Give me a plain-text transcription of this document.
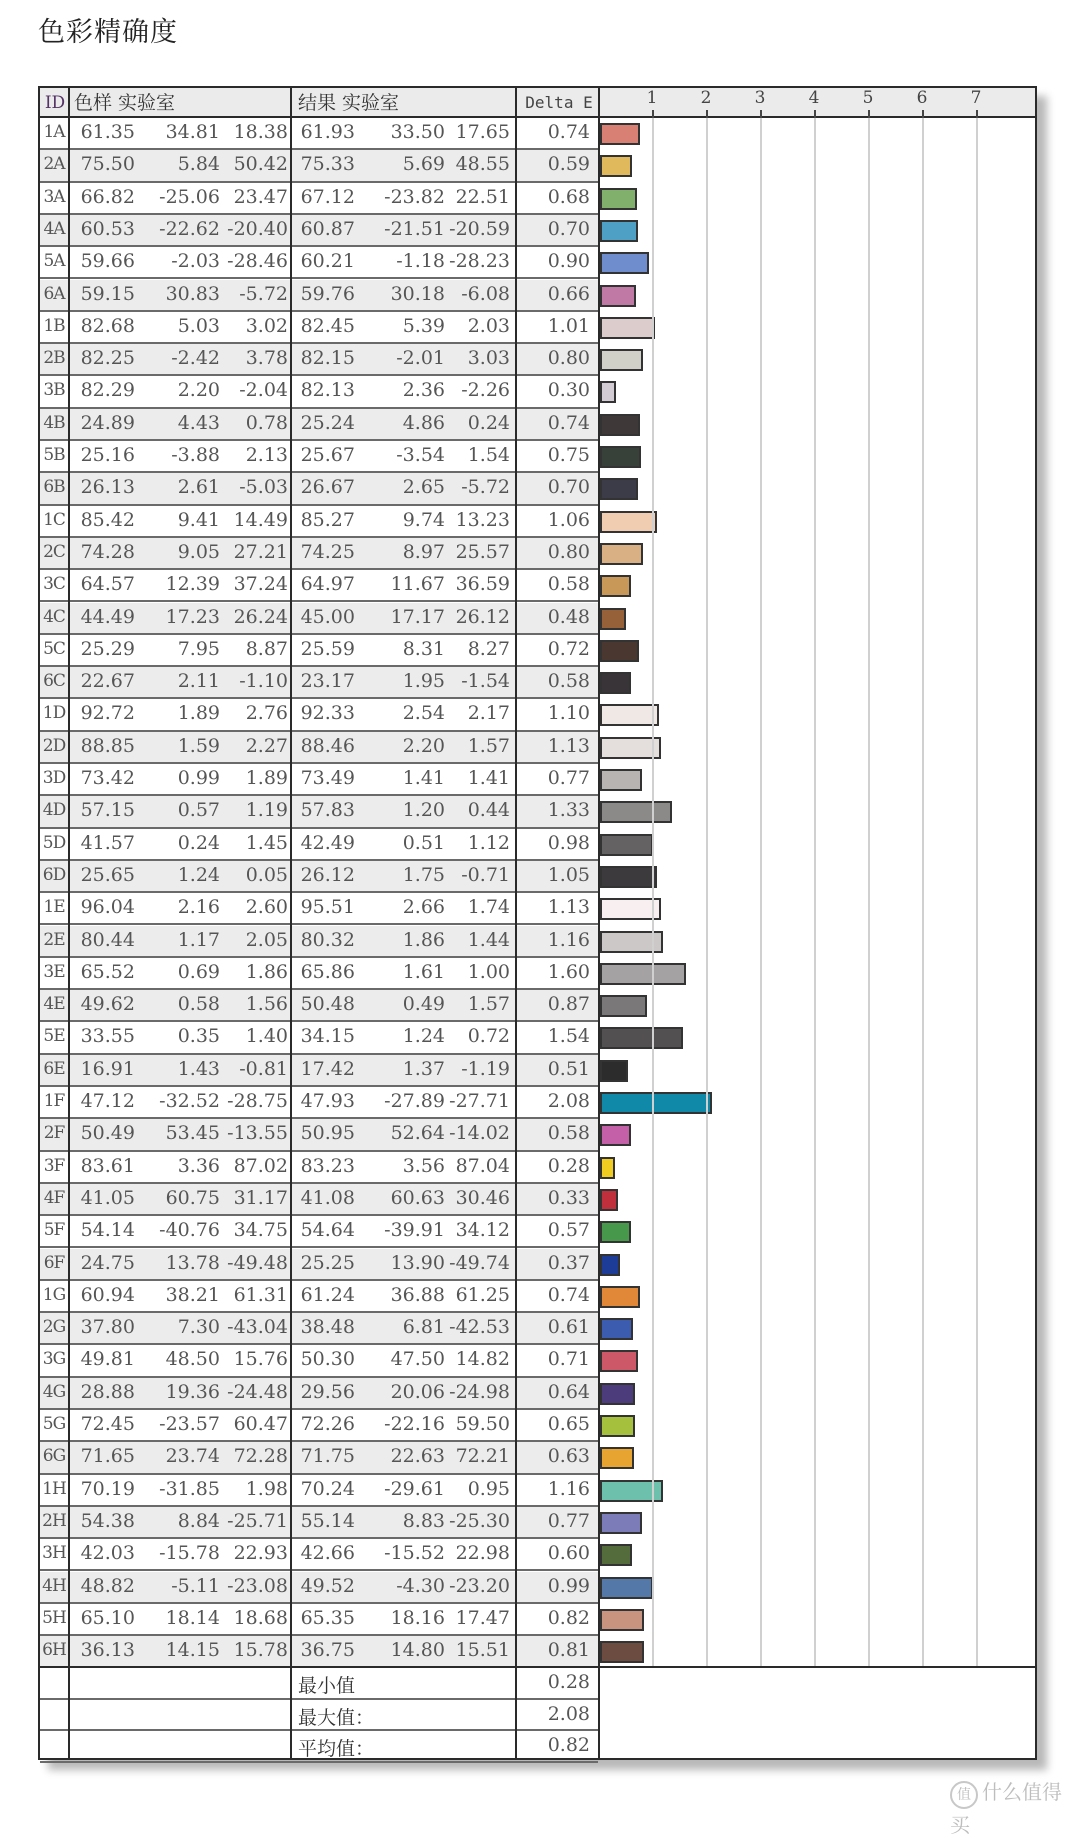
色彩精确度
ID 色样 实验室	结果 实验室	Delta E	1	2	3	4	5	6	7
1A 61.35 34.81 18.38 61.93 33.50 17.65 0.74
2A 75.50 5.84 50.42 75.33	5.69 48.55 0.59
3A 66.82 -25.06 23.47 67.12 -23.82 22.51 0.68
4A 60.53 -22.62 -20.40 60.87 -21.51 -20.59 0.70
5A 59.66 -2.03 -28.46 60.21 -1.18 -28.23 0.90
6A 59.15 30.83 -5.72 59.76 30.18 -6.08 0.66
1B 82.68 5.03 3.02 82.45	5.39 2.03 1.01
2B 82.25 -2.42 3.78 82.15 -2.01 3.03 0.80
3B 82.29 2.20 -2.04 82.13	2.36 -2.26 0.30
4B 24.89 4.43 0.78 25.24	4.86 0.24 0.74
5B 25.16 -3.88 2.13 25.67 -3.54 1.54 0.75
6B 26.13 2.61 -5.03 26.67	2.65 -5.72 0.70
1C 85.42 9.41 14.49 85.27	9.74 13.23 1.06
2C 74.28 9.05 27.21 74.25	8.97 25.57 0.80
3C 64.57 12.39 37.24 64.97 11.67 36.59 0.58
4C 44.49 17.23 26.24 45.00 17.17 26.12 0.48
5C 25.29 7.95 8.87 25.59	8.31 8.27 0.72
6C 22.67 2.11 -1.10 23.17	1.95 -1.54 0.58
1D 92.72 1.89 2.76 92.33	2.54 2.17 1.10
2D 88.85 1.59 2.27 88.46	2.20 1.57 1.13
3D 73.42 0.99 1.89 73.49	1.41 1.41 0.77
4D 57.15 0.57 1.19 57.83	1.20 0.44 1.33
5D 41.57 0.24 1.45 42.49	0.51 1.12 0.98
6D 25.65 1.24 0.05 26.12	1.75 -0.71 1.05
1E 96.04 2.16 2.60 95.51	2.66 1.74 1.13
2E 80.44 1.17 2.05 80.32	1.86 1.44 1.16
3E 65.52 0.69 1.86 65.86	1.61 1.00 1.60
4E 49.62 0.58 1.56 50.48	0.49 1.57 0.87
5E 33.55 0.35 1.40 34.15	1.24 0.72 1.54
6E 16.91 1.43 -0.81 17.42	1.37 -1.19 0.51
1F 47.12 -32.52 -28.75 47.93 -27.89 -27.71 2.08
2F 50.49 53.45 -13.55 50.95 52.64 -14.02 0.58
3F 83.61 3.36 87.02 83.23	3.56 87.04 0.28
4F 41.05 60.75 31.17 41.08 60.63 30.46 0.33
5F 54.14 -40.76 34.75 54.64 -39.91 34.12 0.57
6F 24.75 13.78 -49.48 25.25 13.90 -49.74 0.37
1G 60.94 38.21 61.31 61.24 36.88 61.25 0.74
2G 37.80 7.30 -43.04 38.48	6.81 -42.53 0.61
3G 49.81 48.50 15.76 50.30 47.50 14.82 0.71
4G 28.88 19.36 -24.48 29.56 20.06 -24.98 0.64
5G 72.45 -23.57 60.47 72.26 -22.16 59.50 0.65
6G 71.65 23.74 72.28 71.75 22.63 72.21 0.63
1H 70.19 -31.85 1.98 70.24 -29.61 0.95 1.16
2H 54.38 8.84 -25.71 55.14	8.83 -25.30 0.77
3H 42.03 -15.78 22.93 42.66 -15.52 22.98 0.60
4H 48.82 -5.11 -23.08 49.52 -4.30 -23.20 0.99
5H 65.10 18.14 18.68 65.35 18.16 17.47 0.82
6H 36.13 14.15 15.78 36.75 14.80 15.51 0.81
最小值	0.28
最大值：	2.08
平均值：	0.82
值 什么值得买
